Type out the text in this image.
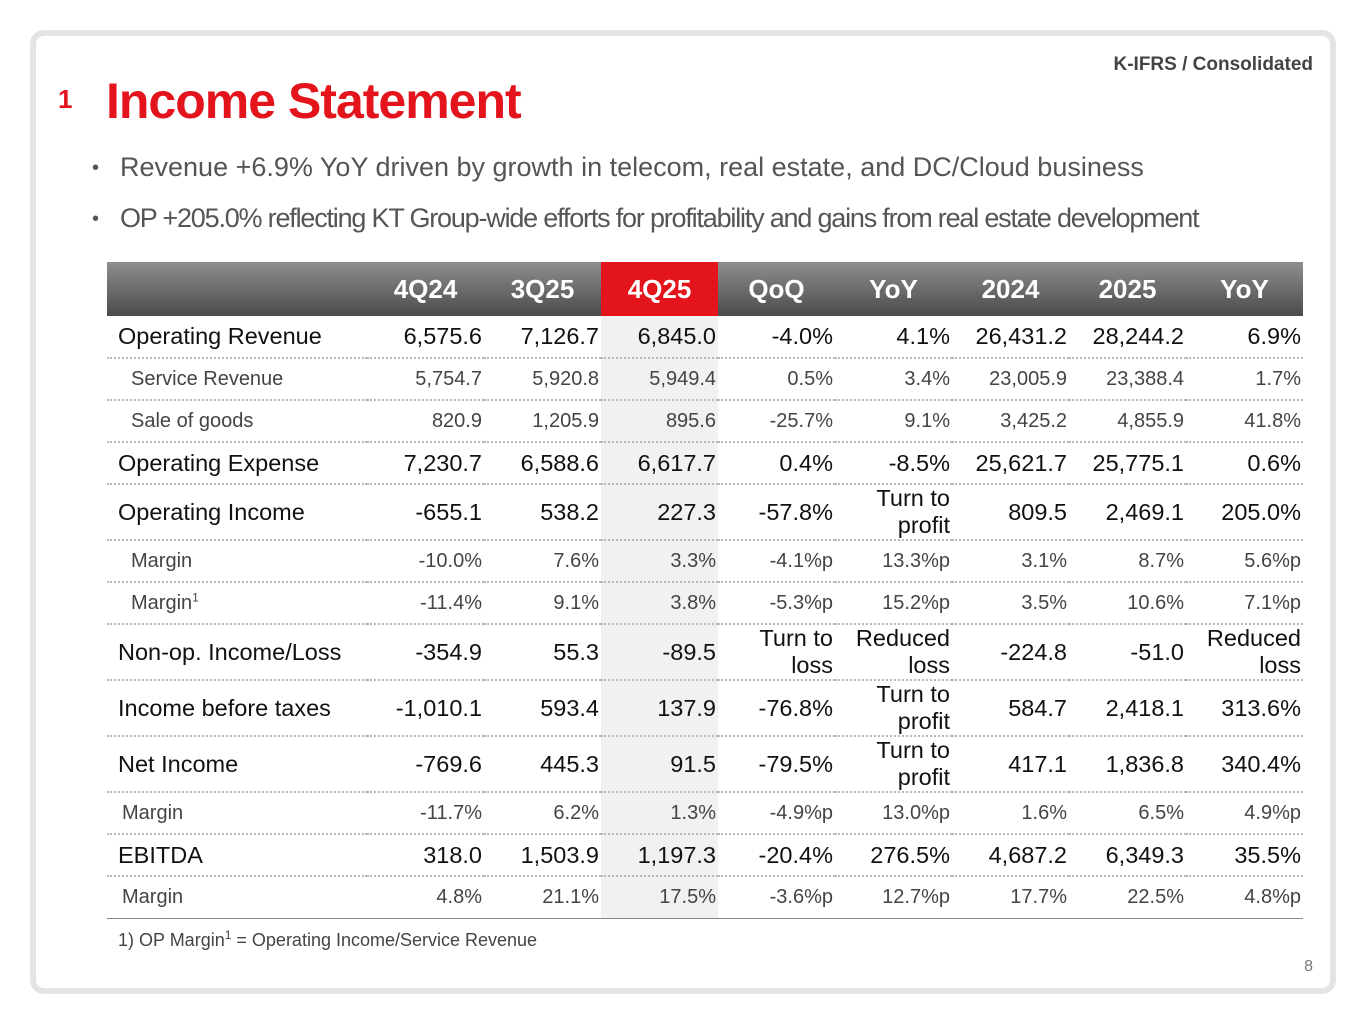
1 Income Statement
K-IFRS / Consolidated
• Revenue +6.9% YoY driven by growth in telecom, real estate, and DC/Cloud business
• OP +205.0% reflecting KT Group-wide efforts for profitability and gains from real estate development
	4Q24	3Q25	4Q25	QoQ	YoY	2024	2025	YoY
Operating Revenue	6,575.6	7,126.7	6,845.0	-4.0%	4.1%	26,431.2	28,244.2	6.9%
Service Revenue	5,754.7	5,920.8	5,949.4	0.5%	3.4%	23,005.9	23,388.4	1.7%
Sale of goods	820.9	1,205.9	895.6	-25.7%	9.1%	3,425.2	4,855.9	41.8%
Operating Expense	7,230.7	6,588.6	6,617.7	0.4%	-8.5%	25,621.7	25,775.1	0.6%
Operating Income	-655.1	538.2	227.3	-57.8%	Turn to profit	809.5	2,469.1	205.0%
Margin	-10.0%	7.6%	3.3%	-4.1%p	13.3%p	3.1%	8.7%	5.6%p
Margin$^1$	-11.4%	9.1%	3.8%	-5.3%p	15.2%p	3.5%	10.6%	7.1%p
Non-op. Income/Loss	-354.9	55.3	-89.5	Turn to loss	Reduced loss	-224.8	-51.0	Reduced loss
Income before taxes	-1,010.1	593.4	137.9	-76.8%	Turn to profit	584.7	2,418.1	313.6%
Net Income	-769.6	445.3	91.5	-79.5%	Turn to profit	417.1	1,836.8	340.4%
Margin	-11.7%	6.2%	1.3%	-4.9%p	13.0%p	1.6%	6.5%	4.9%p
EBITDA	318.0	1,503.9	1,197.3	-20.4%	276.5%	4,687.2	6,349.3	35.5%
Margin	4.8%	21.1%	17.5%	-3.6%p	12.7%p	17.7%	22.5%	4.8%p
1) OP Margin$^1$ = Operating Income/Service Revenue
8
